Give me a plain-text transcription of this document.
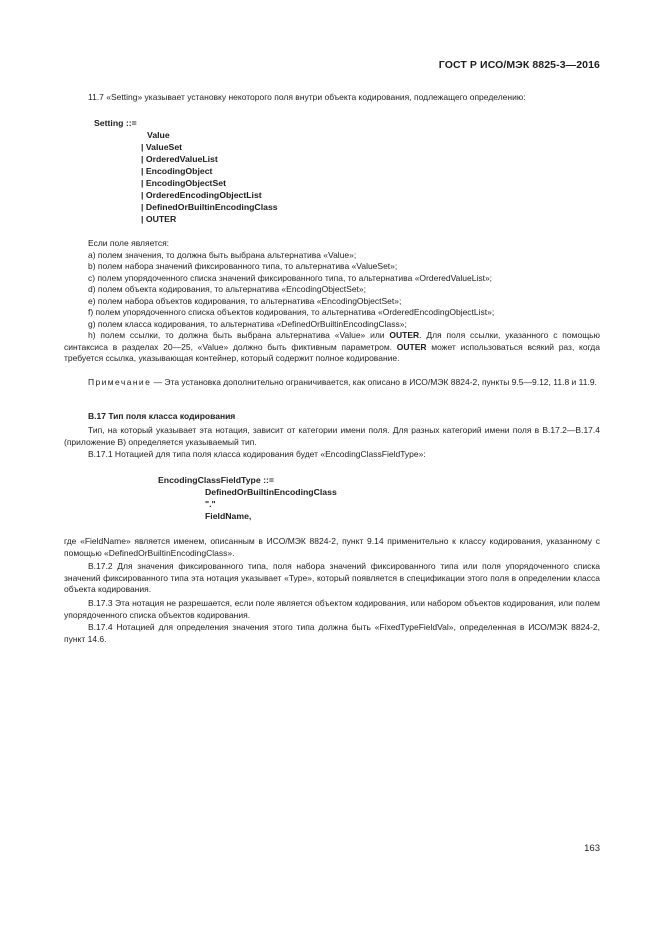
ГОСТ Р ИСО/МЭК 8825-3—2016

11.7 «Setting» указывает установку некоторого поля внутри объекта кодирования, подлежащего определению:

Setting ::=
Value
| ValueSet
| OrderedValueList
| EncodingObject
| EncodingObjectSet
| OrderedEncodingObjectList
| DefinedOrBuiltinEncodingClass
| OUTER

Если поле является:

a) полем значения, то должна быть выбрана альтернатива «Value»;

b) полем набора значений фиксированного типа, то альтернатива «ValueSet»;

c) полем упорядоченного списка значений фиксированного типа, то альтернатива «OrderedValueList»;

d) полем объекта кодирования, то альтернатива «EncodingObjectSet»;

e) полем набора объектов кодирования, то альтернатива «EncodingObjectSet»;

f) полем упорядоченного списка объектов кодирования, то альтернатива «OrderedEncodingObjectList»;

g) полем класса кодирования, то альтернатива «DefinedOrBuiltinEncodingClass»;

h) полем ссылки, то должна быть выбрана альтернатива «Value» или OUTER. Для поля ссылки, указанного с помощью синтаксиса в разделах 20—25, «Value» должно быть фиктивным параметром. OUTER может использоваться всякий раз, когда требуется ссылка, указывающая контейнер, который содержит полное кодирование.

Примечание — Эта установка дополнительно ограничивается, как описано в ИСО/МЭК 8824-2, пункты 9.5—9.12, 11.8 и 11.9.

B.17 Тип поля класса кодирования

Тип, на который указывает эта нотация, зависит от категории имени поля. Для разных категорий имени поля в B.17.2—B.17.4 (приложение B) определяется указываемый тип.

B.17.1 Нотацией для типа поля класса кодирования будет «EncodingClassFieldType»:

EncodingClassFieldType ::=
DefinedOrBuiltinEncodingClass
"."
FieldName,

где «FieldName» является именем, описанным в ИСО/МЭК 8824-2, пункт 9.14 применительно к классу кодирования, указанному с помощью «DefinedOrBuiltinEncodingClass».

B.17.2 Для значения фиксированного типа, поля набора значений фиксированного типа или поля упорядоченного списка значений фиксированного типа эта нотация указывает «Type», который появляется в спецификации этого поля в определении класса объекта кодирования.

B.17.3 Эта нотация не разрешается, если поле является объектом кодирования, или набором объектов кодирования, или полем упорядоченного списка объектов кодирования.

B.17.4 Нотацией для определения значения этого типа должна быть «FixedTypeFieldVal», определенная в ИСО/МЭК 8824-2, пункт 14.6.

163
